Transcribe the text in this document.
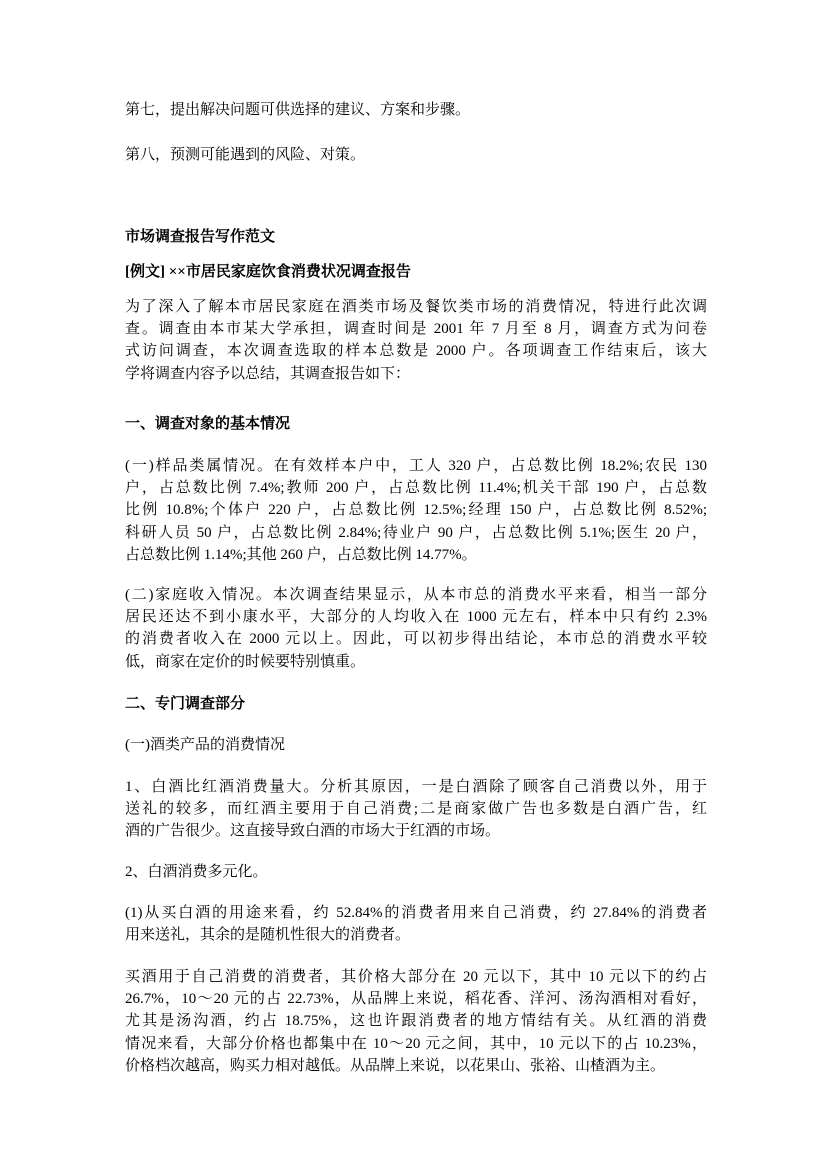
第七，提出解决问题可供选择的建议、方案和步骤。
第八，预测可能遇到的风险、对策。
市场调查报告写作范文
[例文] ××市居民家庭饮食消费状况调查报告
为了深入了解本市居民家庭在酒类市场及餐饮类市场的消费情况，特进行此次调
查。调查由本市某大学承担，调查时间是 2001 年 7 月至 8 月，调查方式为问卷
式访问调查，本次调查选取的样本总数是 2000 户。各项调查工作结束后，该大
学将调查内容予以总结，其调查报告如下：
一、调查对象的基本情况
(一)样品类属情况。在有效样本户中，工人 320 户，占总数比例 18.2%;农民 130
户，占总数比例 7.4%;教师 200 户，占总数比例 11.4%;机关干部 190 户，占总数
比例 10.8%;个体户 220 户，占总数比例 12.5%;经理 150 户，占总数比例 8.52%;
科研人员 50 户，占总数比例 2.84%;待业户 90 户，占总数比例 5.1%;医生 20 户，
占总数比例 1.14%;其他 260 户，占总数比例 14.77%。
(二)家庭收入情况。本次调查结果显示，从本市总的消费水平来看，相当一部分
居民还达不到小康水平，大部分的人均收入在 1000 元左右，样本中只有约 2.3%
的消费者收入在 2000 元以上。因此，可以初步得出结论，本市总的消费水平较
低，商家在定价的时候要特别慎重。
二、专门调查部分
(一)酒类产品的消费情况
1、白酒比红酒消费量大。分析其原因，一是白酒除了顾客自己消费以外，用于
送礼的较多，而红酒主要用于自己消费;二是商家做广告也多数是白酒广告，红
酒的广告很少。这直接导致白酒的市场大于红酒的市场。
2、白酒消费多元化。
(1)从买白酒的用途来看，约 52.84%的消费者用来自己消费，约 27.84%的消费者
用来送礼，其余的是随机性很大的消费者。
买酒用于自己消费的消费者，其价格大部分在 20 元以下，其中 10 元以下的约占
26.7%，10～20 元的占 22.73%，从品牌上来说，稻花香、洋河、汤沟酒相对看好，
尤其是汤沟酒，约占 18.75%，这也许跟消费者的地方情结有关。从红酒的消费
情况来看，大部分价格也都集中在 10～20 元之间，其中，10 元以下的占 10.23%，
价格档次越高，购买力相对越低。从品牌上来说，以花果山、张裕、山楂酒为主。
